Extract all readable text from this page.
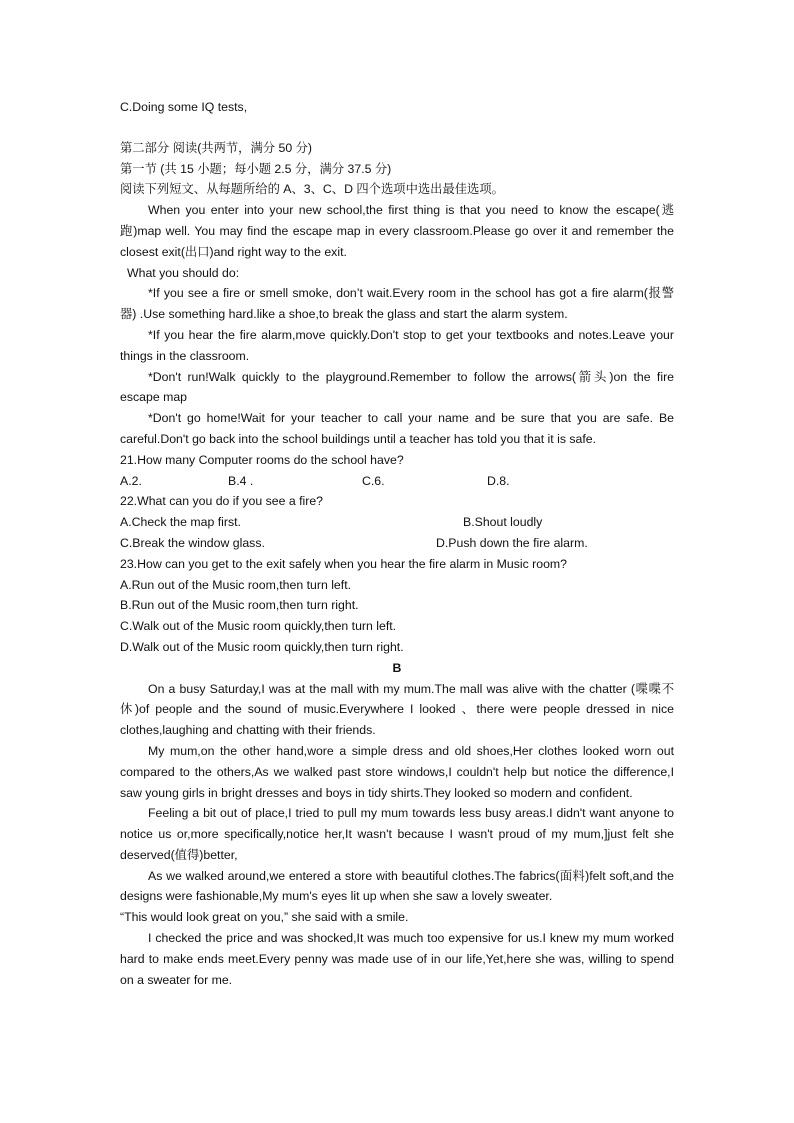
C.Doing some IQ tests,
第二部分 阅读(共两节，满分 50 分)
第一节 (共 15 小题；每小题 2.5 分，满分 37.5 分)
阅读下列短文、从每题所给的 A、3、C、D 四个选项中选出最佳选项。
When you enter into your new school,the first thing is that you need to know the escape(逃跑)map well. You may find the escape map in every classroom.Please go over it and remember the closest exit(出口)and right way to the exit.
What you should do:
*If you see a fire or smell smoke, don’t wait.Every room in the school has got a fire alarm(报警器) .Use something hard.like a shoe,to break the glass and start the alarm system.
*If you hear the fire alarm,move quickly.Don't stop to get your textbooks and notes.Leave your things in the classroom.
*Don't run!Walk quickly to the playground.Remember to follow the arrows(箭头)on the fire escape map
*Don't go home!Wait for your teacher to call your name and be sure that you are safe. Be careful.Don't go back into the school buildings until a teacher has told you that it is safe.
21.How many Computer rooms do the school have?
A.2.	B.4 .	C.6.	D.8.
22.What can you do if you see a fire?
A.Check the map first.	B.Shout loudly
C.Break the window glass.	D.Push down the fire alarm.
23.How can you get to the exit safely when you hear the fire alarm in Music room?
A.Run out of the Music room,then turn left.
B.Run out of the Music room,then turn right.
C.Walk out of the Music room quickly,then turn left.
D.Walk out of the Music room quickly,then turn right.
B
On a busy Saturday,I was at the mall with my mum.The mall was alive with the chatter (喋喋不休)of people and the sound of music.Everywhere I looked 、there were people dressed in nice clothes,laughing and chatting with their friends.
My mum,on the other hand,wore a simple dress and old shoes,Her clothes looked worn out compared to the others,As we walked past store windows,I couldn't help but notice the difference,I saw young girls in bright dresses and boys in tidy shirts.They looked so modern and confident.
Feeling a bit out of place,I tried to pull my mum towards less busy areas.I didn't want anyone to notice us or,more specifically,notice her,It wasn't because I wasn't proud of my mum,]just felt she deserved(值得)better,
As we walked around,we entered a store with beautiful clothes.The fabrics(面料)felt soft,and the designs were fashionable,My mum's eyes lit up when she saw a lovely sweater.
“This would look great on you,” she said with a smile.
I checked the price and was shocked,It was much too expensive for us.I knew my mum worked hard to make ends meet.Every penny was made use of in our life,Yet,here she was, willing to spend on a sweater for me.
